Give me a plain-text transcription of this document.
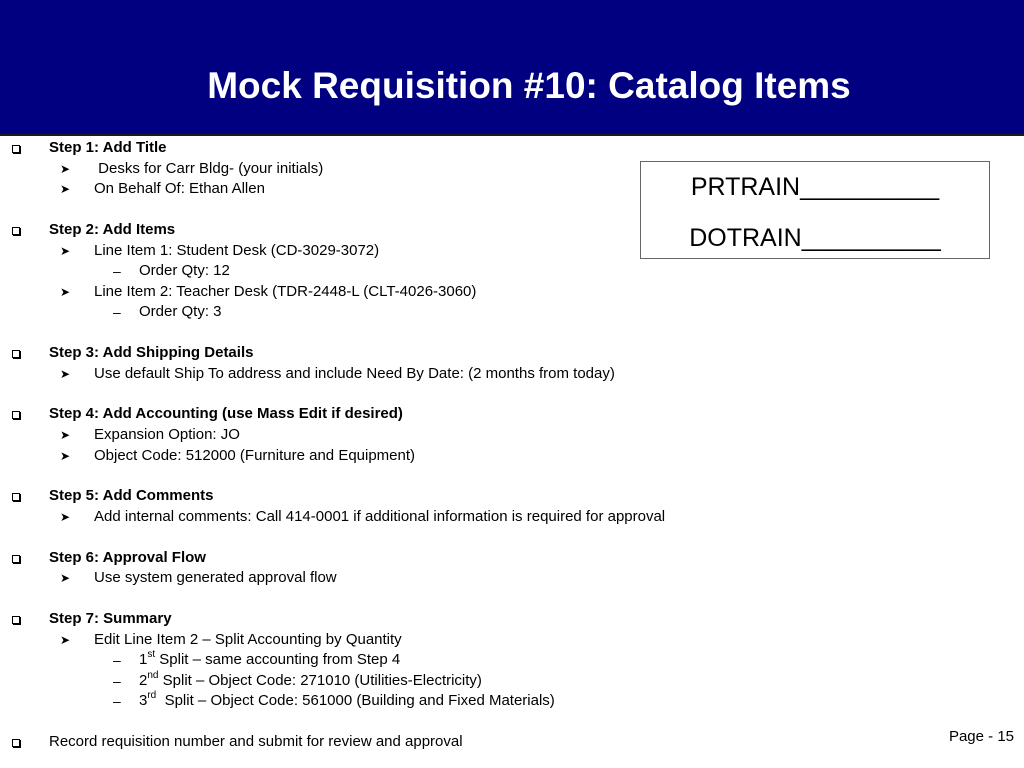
Mock Requisition #10: Catalog Items
Step 1: Add Title
➤ Desks for Carr Bldg- (your initials)
➤ On Behalf Of: Ethan Allen
Step 2: Add Items
➤ Line Item 1: Student Desk (CD-3029-3072)
– Order Qty: 12
➤ Line Item 2: Teacher Desk (TDR-2448-L (CLT-4026-3060)
– Order Qty: 3
Step 3: Add Shipping Details
➤ Use default Ship To address and include Need By Date: (2 months from today)
Step 4: Add Accounting (use Mass Edit if desired)
➤ Expansion Option: JO
➤ Object Code: 512000 (Furniture and Equipment)
Step 5: Add Comments
➤ Add internal comments: Call 414-0001 if additional information is required for approval
Step 6: Approval Flow
➤ Use system generated approval flow
Step 7: Summary
➤ Edit Line Item 2 – Split Accounting by Quantity
– 1st Split – same accounting from Step 4
– 2nd Split – Object Code: 271010 (Utilities-Electricity)
– 3rd  Split – Object Code: 561000 (Building and Fixed Materials)
Record requisition number and submit for review and approval
PRTRAIN__________
DOTRAIN__________
Page - 15
